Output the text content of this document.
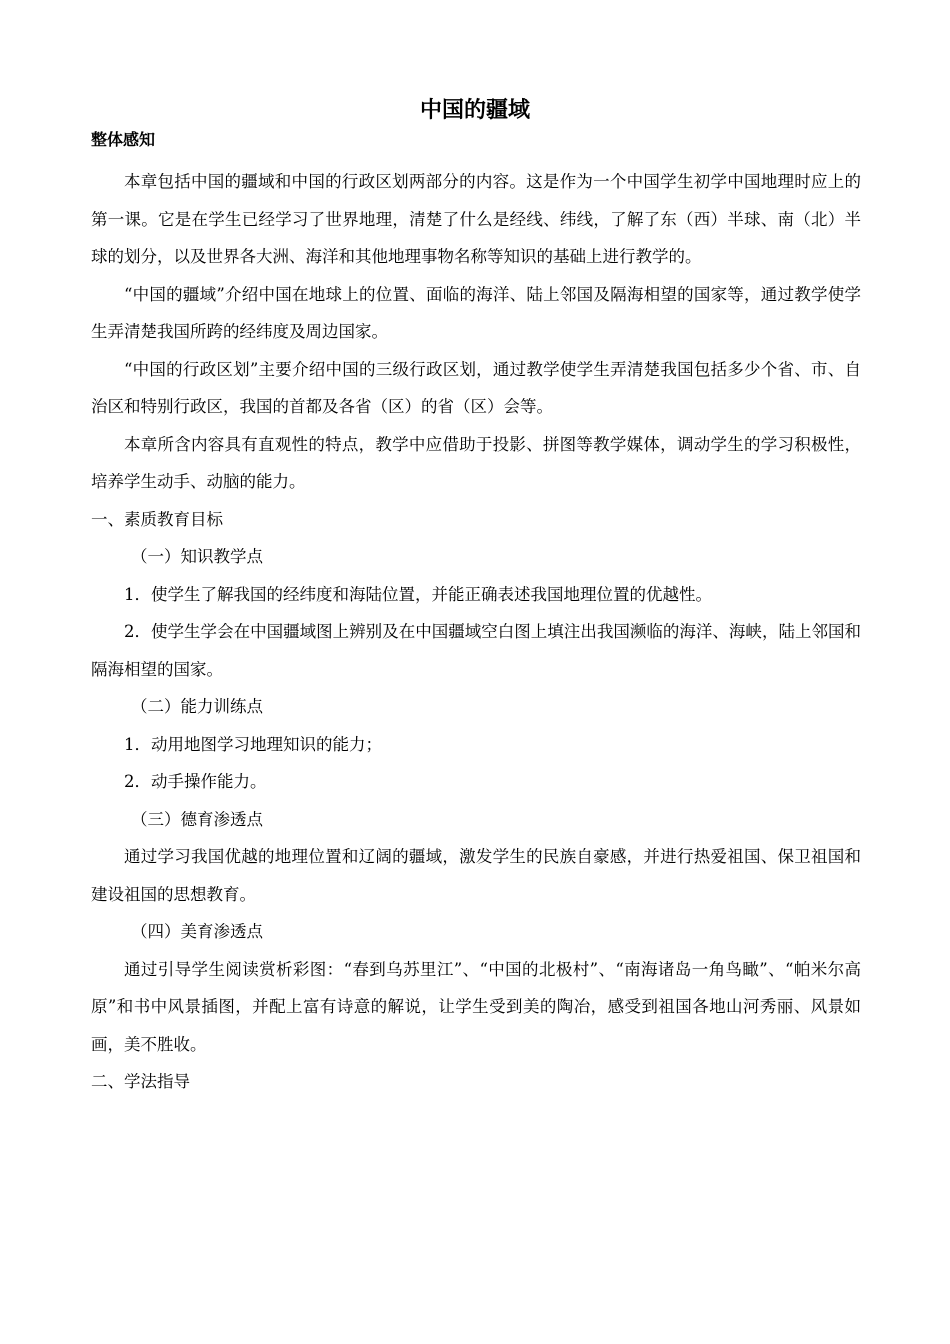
中国的疆域
整体感知

本章包括中国的疆域和中国的行政区划两部分的内容。这是作为一个中国学生初学中国地理时应上的第一课。它是在学生已经学习了世界地理，清楚了什么是经线、纬线，了解了东（西）半球、南（北）半球的划分，以及世界各大洲、海洋和其他地理事物名称等知识的基础上进行教学的。

“中国的疆域”介绍中国在地球上的位置、面临的海洋、陆上邻国及隔海相望的国家等，通过教学使学生弄清楚我国所跨的经纬度及周边国家。

“中国的行政区划”主要介绍中国的三级行政区划，通过教学使学生弄清楚我国包括多少个省、市、自治区和特别行政区，我国的首都及各省（区）的省（区）会等。

本章所含内容具有直观性的特点，教学中应借助于投影、拼图等教学媒体，调动学生的学习积极性，培养学生动手、动脑的能力。

一、素质教育目标

（一）知识教学点

1．使学生了解我国的经纬度和海陆位置，并能正确表述我国地理位置的优越性。

2．使学生学会在中国疆域图上辨别及在中国疆域空白图上填注出我国濒临的海洋、海峡，陆上邻国和隔海相望的国家。

（二）能力训练点

1．动用地图学习地理知识的能力；

2．动手操作能力。

（三）德育渗透点

通过学习我国优越的地理位置和辽阔的疆域，激发学生的民族自豪感，并进行热爱祖国、保卫祖国和建设祖国的思想教育。

（四）美育渗透点

通过引导学生阅读赏析彩图：“春到乌苏里江”、“中国的北极村”、“南海诸岛一角鸟瞰”、“帕米尔高原”和书中风景插图，并配上富有诗意的解说，让学生受到美的陶冶，感受到祖国各地山河秀丽、风景如画，美不胜收。

二、学法指导
